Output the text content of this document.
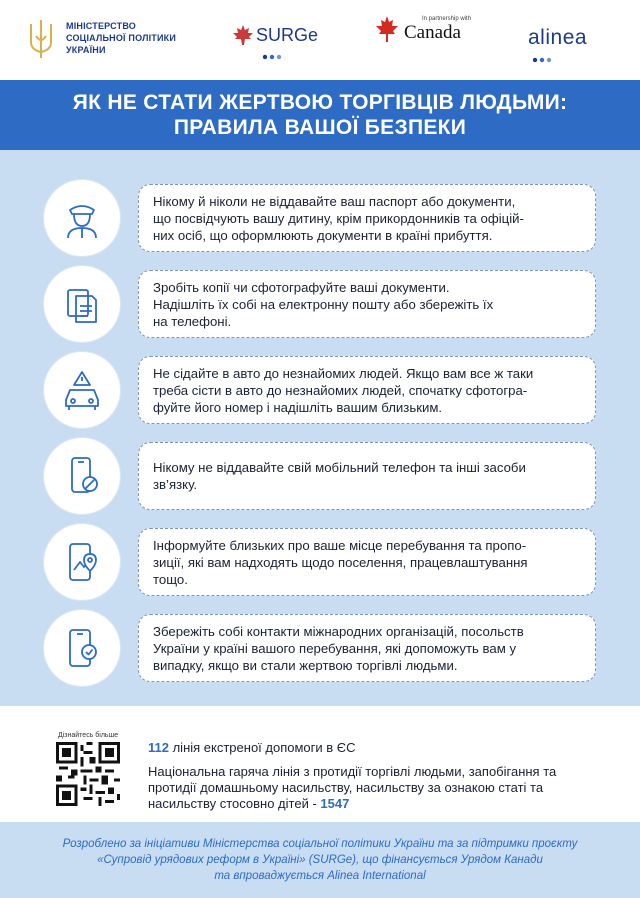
МІНІСТЕРСТВО
СОЦІАЛЬНОЇ ПОЛІТИКИ
УКРАЇНИ
SURGe
In partnership with
Canada	alinea
ЯК НЕ СТАТИ ЖЕРТВОЮ ТОРГІВЦІВ ЛЮДЬМИ:
ПРАВИЛА ВАШОЇ БЕЗПЕКИ
Нікому й ніколи не віддавайте ваш паспорт або документи,
що посвідчують вашу дитину, крім прикордонників та офіцій-
них осіб, що оформлюють документи в країні прибуття.
Зробіть копії чи сфотографуйте ваші документи.
Надішліть їх собі на електронну пошту або збережіть їх
на телефоні.
Не сідайте в авто до незнайомих людей. Якщо вам все ж таки
треба сісти в авто до незнайомих людей, спочатку сфотогра-
фуйте його номер і надішліть вашим близьким.
Нікому не віддавайте свій мобільний телефон та інші засоби
зв’язку.
Інформуйте близьких про ваше місце перебування та пропо-
зиції, які вам надходять щодо поселення, працевлаштування
тощо.
Збережіть собі контакти міжнародних організацій, посольств
України у країні вашого перебування, які допоможуть вам у
випадку, якщо ви стали жертвою торгівлі людьми.
Дізнайтесь більше
112 лінія екстреної допомоги в ЄС
Національна гаряча лінія з протидії торгівлі людьми, запобігання та протидії домашньому насильству, насильству за ознакою статі та насильству стосовно дітей - 1547
Розроблено за ініціативи Міністерства соціальної політики України та за підтримки проєкту
«Супровід урядових реформ в Україні» (SURGe), що фінансується Урядом Канади
та впроваджується Alinea International
